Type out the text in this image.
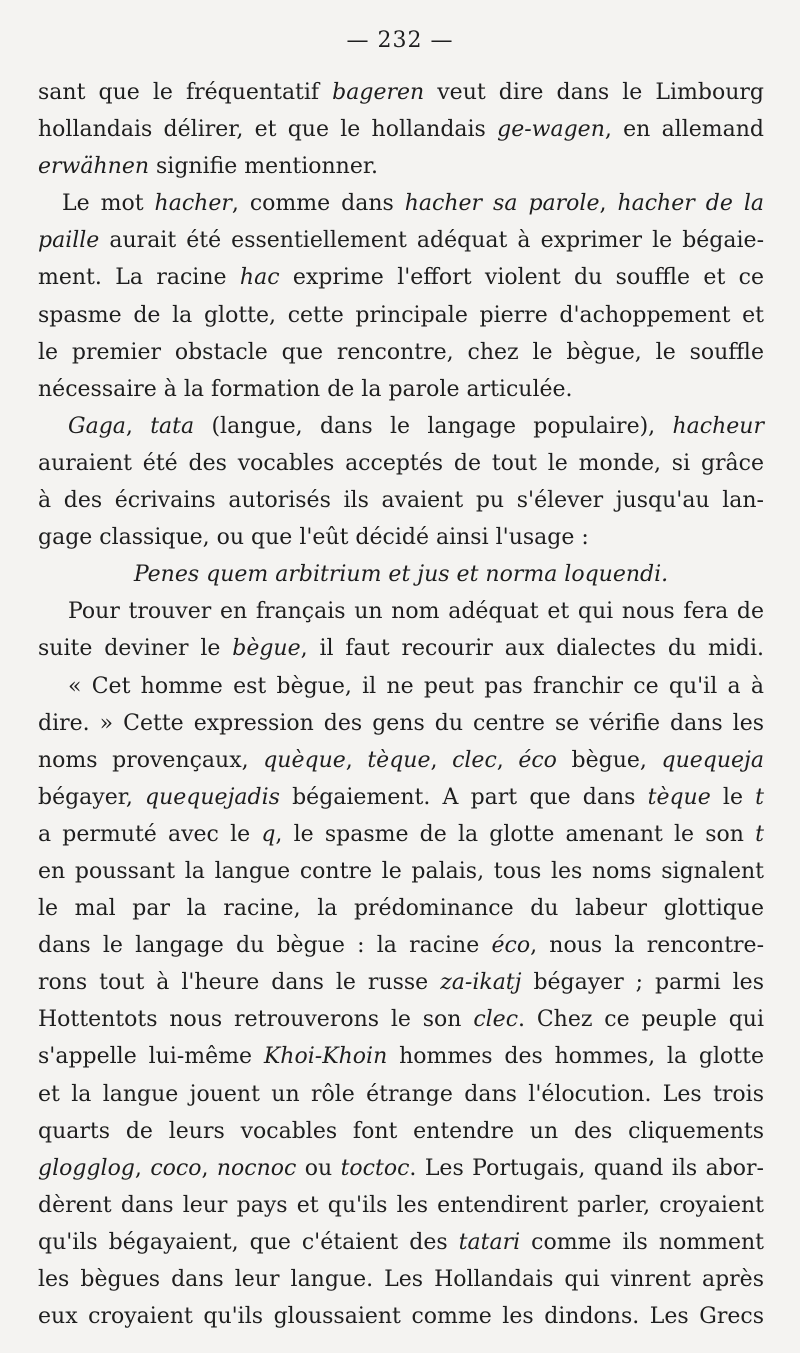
— 232 —
sant que le fréquentatif bageren veut dire dans le Limbourg
hollandais délirer, et que le hollandais ge-wagen, en allemand
erwähnen signifie mentionner.
Le mot hacher, comme dans hacher sa parole, hacher de la
paille aurait été essentiellement adéquat à exprimer le bégaie-
ment. La racine hac exprime l'effort violent du souffle et ce
spasme de la glotte, cette principale pierre d'achoppement et
le premier obstacle que rencontre, chez le bègue, le souffle
nécessaire à la formation de la parole articulée.
Gaga, tata (langue, dans le langage populaire), hacheur
auraient été des vocables acceptés de tout le monde, si grâce
à des écrivains autorisés ils avaient pu s'élever jusqu'au lan-
gage classique, ou que l'eût décidé ainsi l'usage :
Penes quem arbitrium et jus et norma loquendi.
Pour trouver en français un nom adéquat et qui nous fera de
suite deviner le bègue, il faut recourir aux dialectes du midi.
« Cet homme est bègue, il ne peut pas franchir ce qu'il a à
dire. » Cette expression des gens du centre se vérifie dans les
noms provençaux, quèque, tèque, clec, éco bègue, quequeja
bégayer, quequejadis bégaiement. A part que dans tèque le t
a permuté avec le q, le spasme de la glotte amenant le son t
en poussant la langue contre le palais, tous les noms signalent
le mal par la racine, la prédominance du labeur glottique
dans le langage du bègue : la racine éco, nous la rencontre-
rons tout à l'heure dans le russe za-ikatj bégayer ; parmi les
Hottentots nous retrouverons le son clec. Chez ce peuple qui
s'appelle lui-même Khoi-Khoin hommes des hommes, la glotte
et la langue jouent un rôle étrange dans l'élocution. Les trois
quarts de leurs vocables font entendre un des cliquements
glogglog, coco, nocnoc ou toctoc. Les Portugais, quand ils abor-
dèrent dans leur pays et qu'ils les entendirent parler, croyaient
qu'ils bégayaient, que c'étaient des tatari comme ils nomment
les bègues dans leur langue. Les Hollandais qui vinrent après
eux croyaient qu'ils gloussaient comme les dindons. Les Grecs
